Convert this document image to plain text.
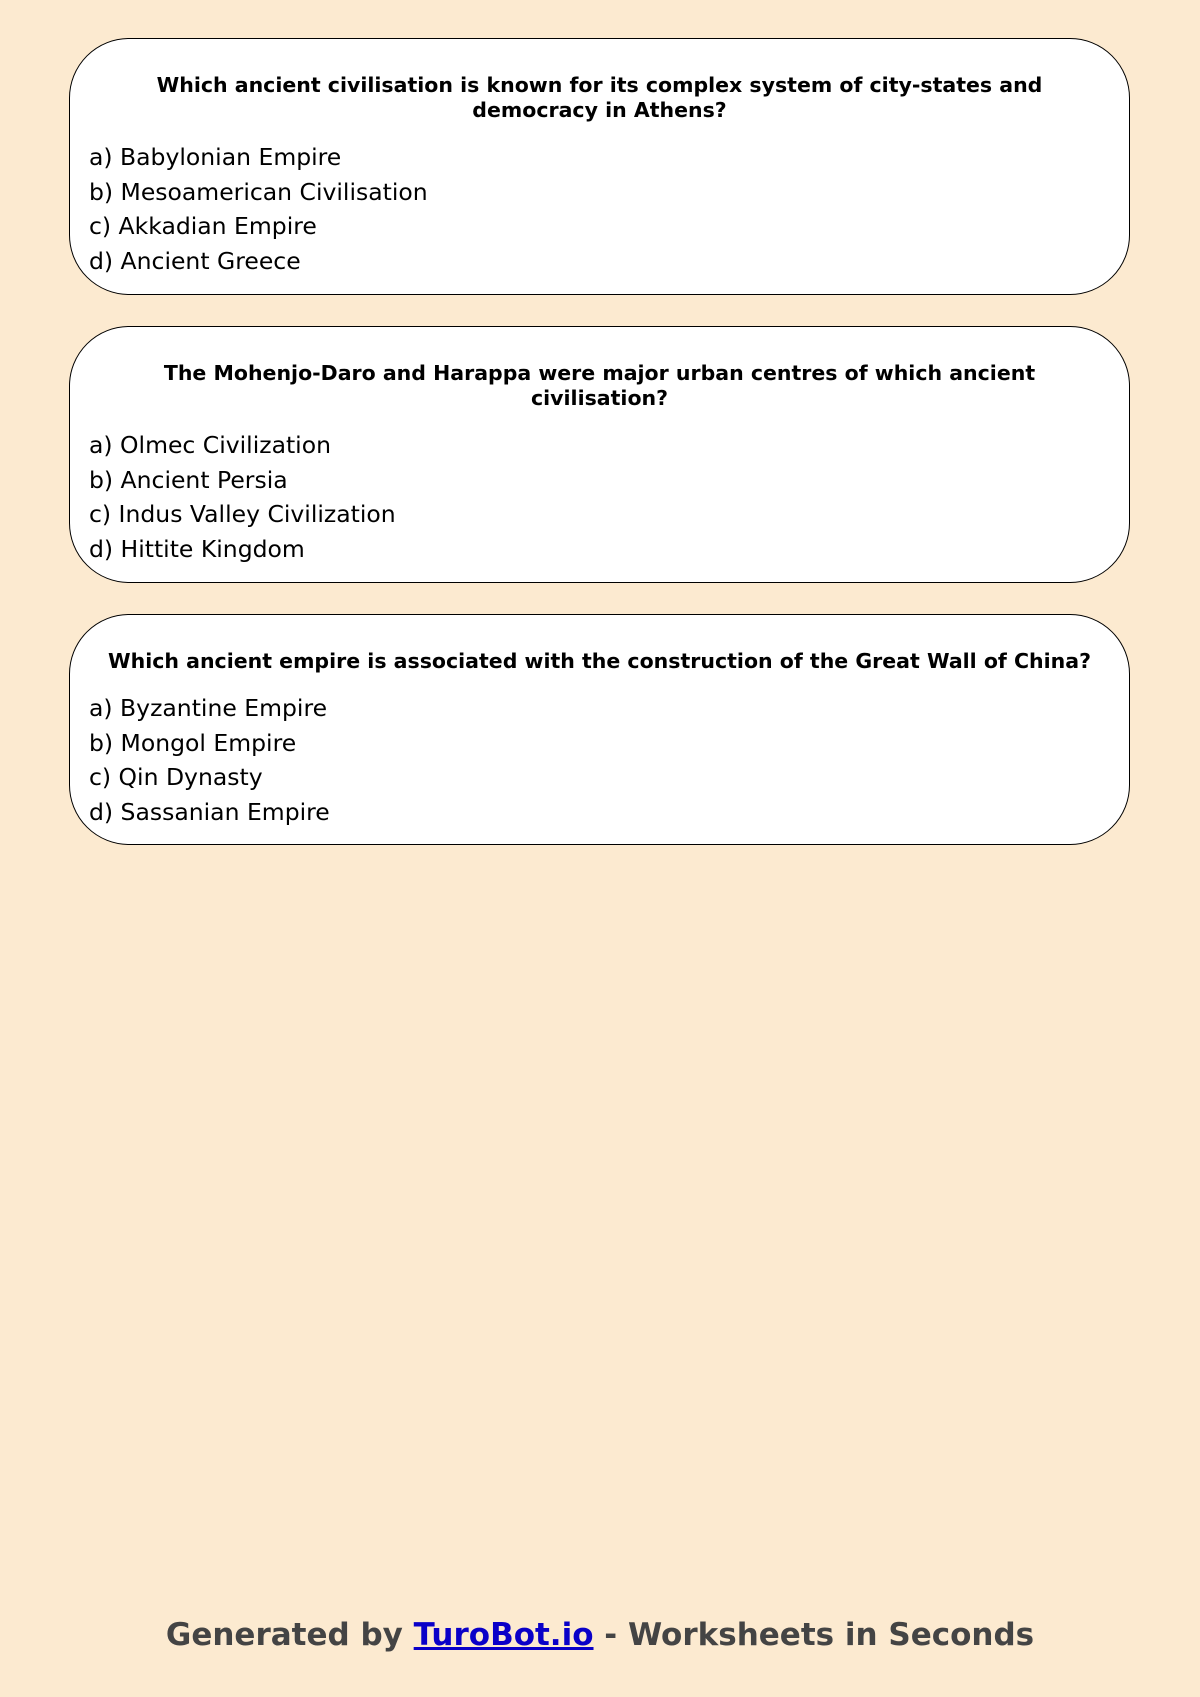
Which ancient civilisation is known for its complex system of city-states and democracy in Athens?

a) Babylonian Empire
b) Mesoamerican Civilisation
c) Akkadian Empire
d) Ancient Greece

The Mohenjo-Daro and Harappa were major urban centres of which ancient civilisation?

a) Olmec Civilization
b) Ancient Persia
c) Indus Valley Civilization
d) Hittite Kingdom

Which ancient empire is associated with the construction of the Great Wall of China?

a) Byzantine Empire
b) Mongol Empire
c) Qin Dynasty
d) Sassanian Empire
Generated by TuroBot.io - Worksheets in Seconds
